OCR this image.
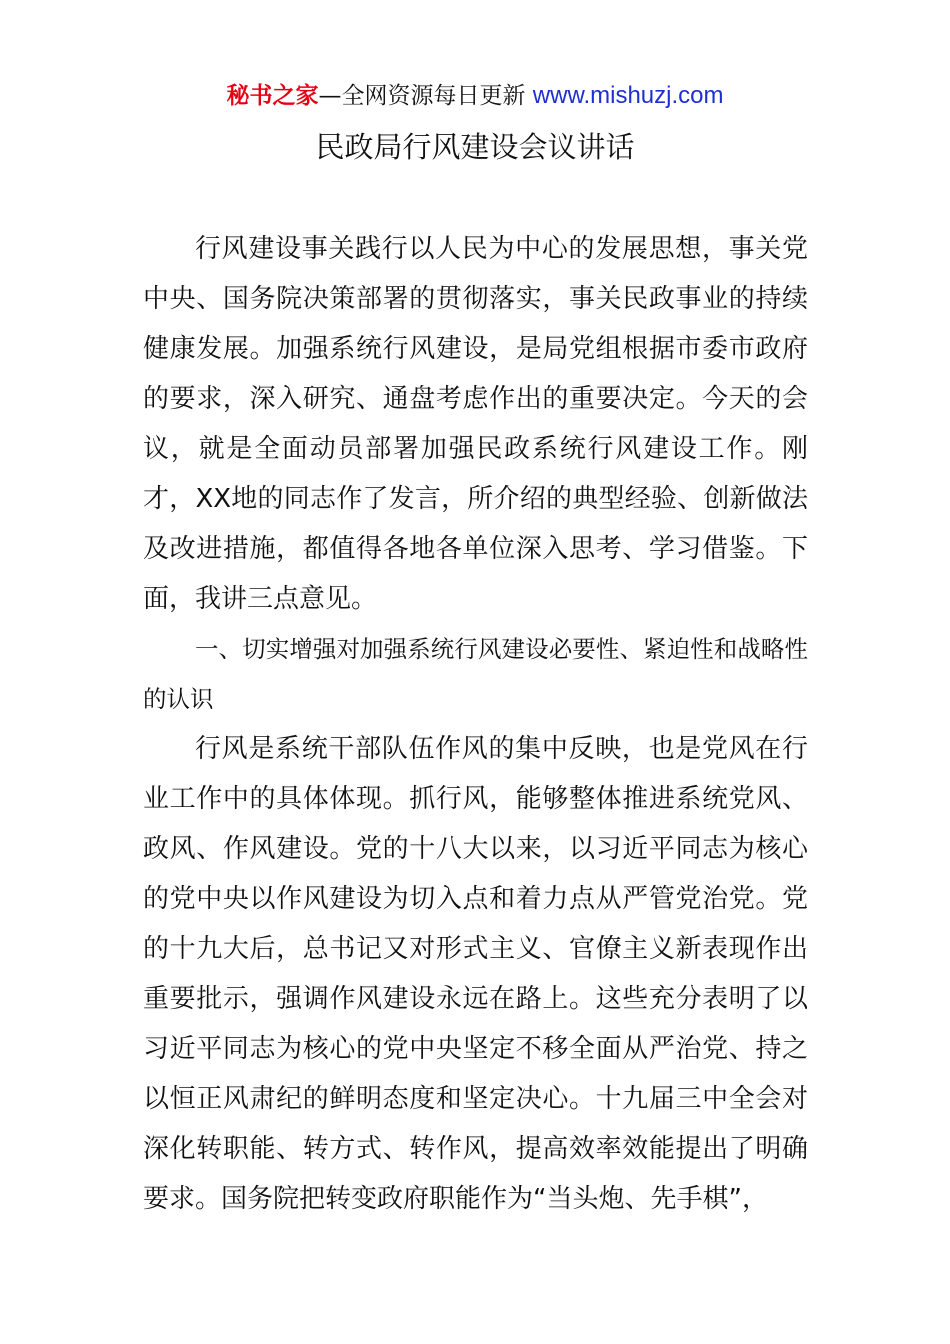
秘书之家—全网资源每日更新 www.mishuzj.com
民政局行风建设会议讲话

行风建设事关践行以人民为中心的发展思想，事关党中央、国务院决策部署的贯彻落实，事关民政事业的持续健康发展。加强系统行风建设，是局党组根据市委市政府的要求，深入研究、通盘考虑作出的重要决定。今天的会议，就是全面动员部署加强民政系统行风建设工作。刚才，XX地的同志作了发言，所介绍的典型经验、创新做法及改进措施，都值得各地各单位深入思考、学习借鉴。下面，我讲三点意见。

一、切实增强对加强系统行风建设必要性、紧迫性和战略性的认识

行风是系统干部队伍作风的集中反映，也是党风在行业工作中的具体体现。抓行风，能够整体推进系统党风、政风、作风建设。党的十八大以来，以习近平同志为核心的党中央以作风建设为切入点和着力点从严管党治党。党的十九大后，总书记又对形式主义、官僚主义新表现作出重要批示，强调作风建设永远在路上。这些充分表明了以习近平同志为核心的党中央坚定不移全面从严治党、持之以恒正风肃纪的鲜明态度和坚定决心。十九届三中全会对深化转职能、转方式、转作风，提高效率效能提出了明确要求。国务院把转变政府职能作为“当头炮、先手棋”，
